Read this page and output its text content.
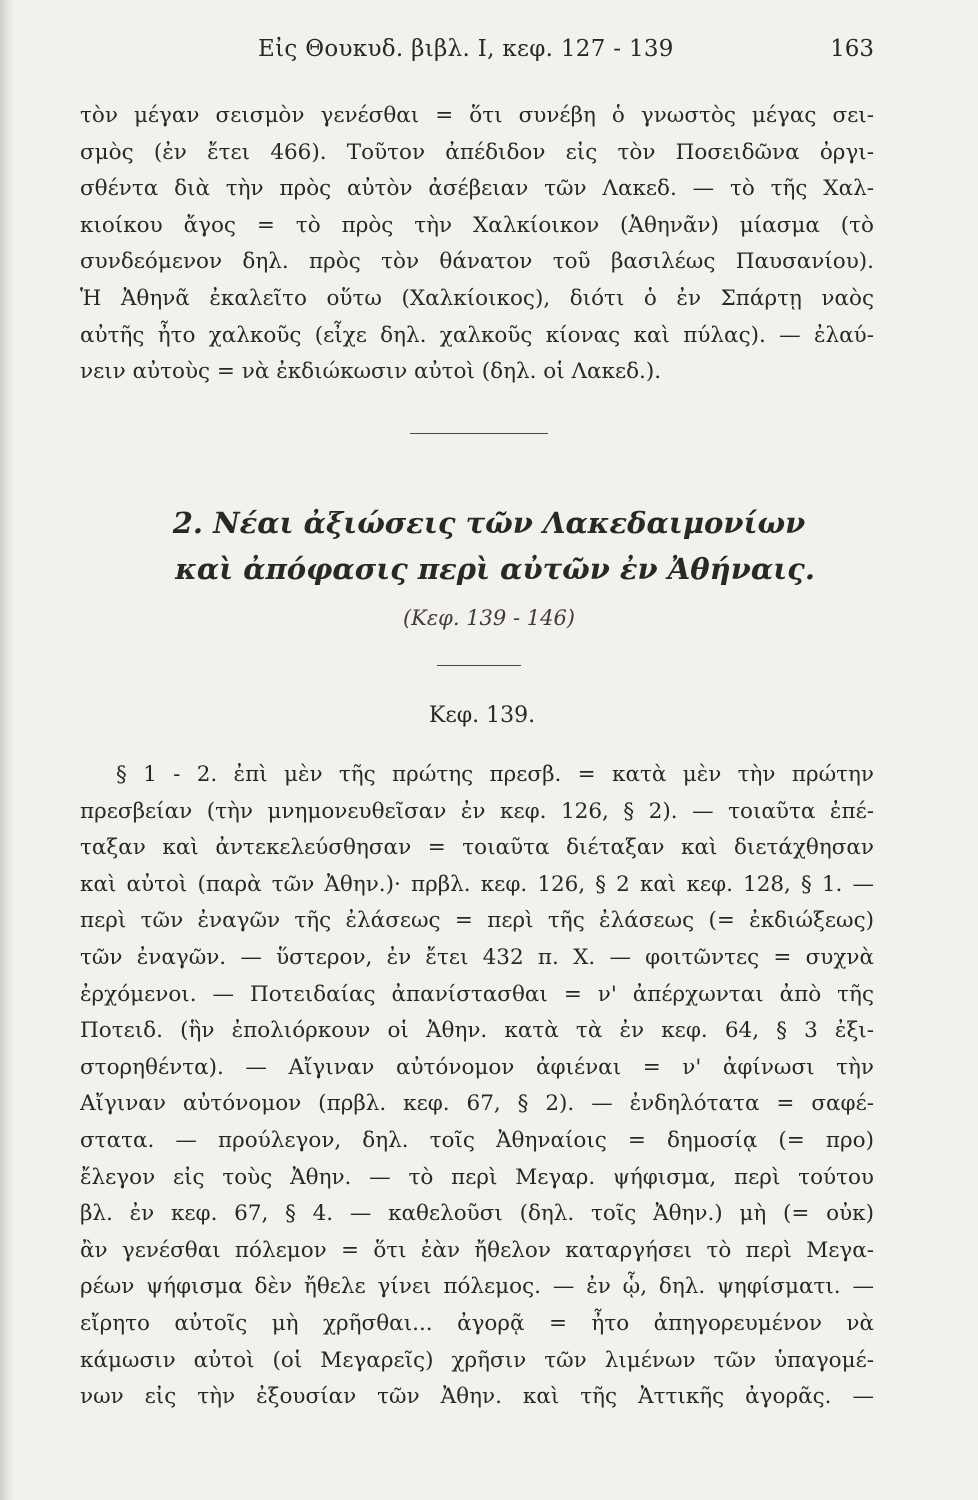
Εἰς Θουκυδ. βιβλ. I, κεφ. 127 - 139	163
τὸν μέγαν σεισμὸν γενέσθαι = ὅτι συνέβη ὁ γνωστὸς μέγας σει-
σμὸς (ἐν ἔτει 466). Τοῦτον ἀπέδιδον εἰς τὸν Ποσειδῶνα ὀργι-
σθέντα διὰ τὴν πρὸς αὐτὸν ἀσέβειαν τῶν Λακεδ. — τὸ τῆς Χαλ-
κιοίκου ἄγος = τὸ πρὸς τὴν Χαλκίοικον (Ἀθηνᾶν) μίασμα (τὸ
συνδεόμενον δηλ. πρὸς τὸν θάνατον τοῦ βασιλέως Παυσανίου).
Ἡ Ἀθηνᾶ ἐκαλεῖτο οὕτω (Χαλκίοικος), διότι ὁ ἐν Σπάρτῃ ναὸς
αὐτῆς ἦτο χαλκοῦς (εἶχε δηλ. χαλκοῦς κίονας καὶ πύλας). — ἐλαύ-
νειν αὐτοὺς = νὰ ἐκδιώκωσιν αὐτοὶ (δηλ. οἱ Λακεδ.).
2. Νέαι ἀξιώσεις τῶν Λακεδαιμονίων
καὶ ἀπόφασις περὶ αὐτῶν ἐν Ἀθήναις.
(Κεφ. 139 - 146)
Κεφ. 139.
§ 1 - 2. ἐπὶ μὲν τῆς πρώτης πρεσβ. = κατὰ μὲν τὴν πρώτην
πρεσβείαν (τὴν μνημονευθεῖσαν ἐν κεφ. 126, § 2). — τοιαῦτα ἐπέ-
ταξαν καὶ ἀντεκελεύσθησαν = τοιαῦτα διέταξαν καὶ διετάχθησαν
καὶ αὐτοὶ (παρὰ τῶν Ἀθην.)· πρβλ. κεφ. 126, § 2 καὶ κεφ. 128, § 1. —
περὶ τῶν ἐναγῶν τῆς ἐλάσεως = περὶ τῆς ἐλάσεως (= ἐκδιώξεως)
τῶν ἐναγῶν. — ὕστερον, ἐν ἔτει 432 π. Χ. — φοιτῶντες = συχνὰ
ἐρχόμενοι. — Ποτειδαίας ἀπανίστασθαι = ν' ἀπέρχωνται ἀπὸ τῆς
Ποτειδ. (ἣν ἐπολιόρκουν οἱ Ἀθην. κατὰ τὰ ἐν κεφ. 64, § 3 ἐξι-
στορηθέντα). — Αἴγιναν αὐτόνομον ἀφιέναι = ν' ἀφίνωσι τὴν
Αἴγιναν αὐτόνομον (πρβλ. κεφ. 67, § 2). — ἐνδηλότατα = σαφέ-
στατα. — προύλεγον, δηλ. τοῖς Ἀθηναίοις = δημοσίᾳ (= προ)
ἔλεγον εἰς τοὺς Ἀθην. — τὸ περὶ Μεγαρ. ψήφισμα, περὶ τούτου
βλ. ἐν κεφ. 67, § 4. — καθελοῦσι (δηλ. τοῖς Ἀθην.) μὴ (= οὐκ)
ἂν γενέσθαι πόλεμον = ὅτι ἐὰν ἤθελον καταργήσει τὸ περὶ Μεγα-
ρέων ψήφισμα δὲν ἤθελε γίνει πόλεμος. — ἐν ᾧ, δηλ. ψηφίσματι. —
εἴρητο αὐτοῖς μὴ χρῆσθαι... ἀγορᾷ = ἦτο ἀπηγορευμένον νὰ
κάμωσιν αὐτοὶ (οἱ Μεγαρεῖς) χρῆσιν τῶν λιμένων τῶν ὑπαγομέ-
νων εἰς τὴν ἐξουσίαν τῶν Ἀθην. καὶ τῆς Ἀττικῆς ἀγορᾶς. —
